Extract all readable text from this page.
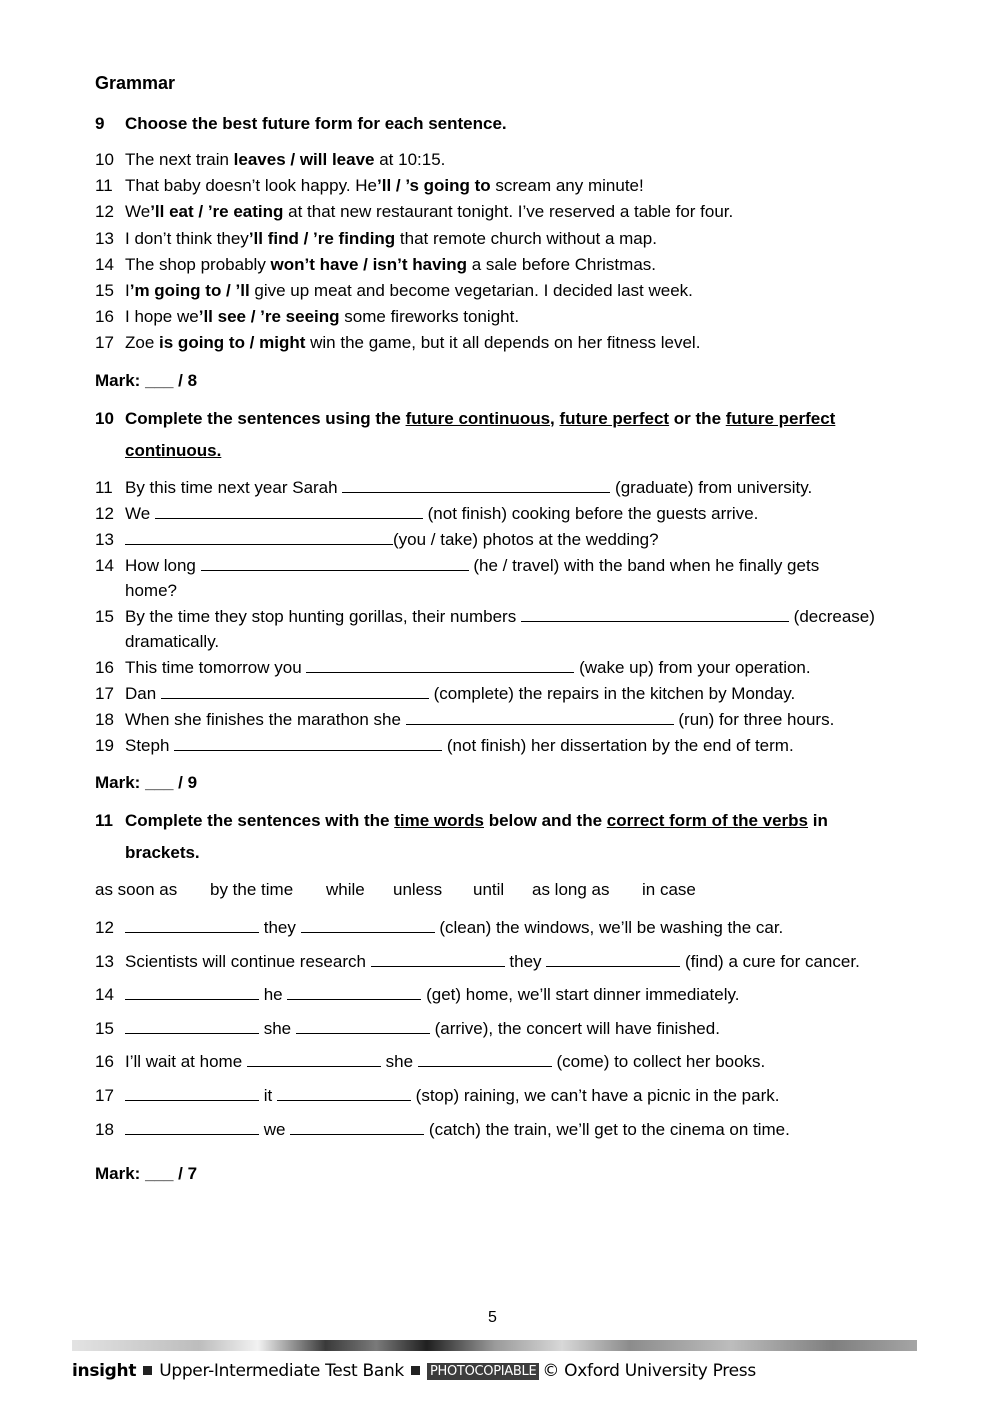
Grammar
9 Choose the best future form for each sentence.
10 The next train leaves / will leave at 10:15.
11 That baby doesn’t look happy. He’ll / ’s going to scream any minute!
12 We’ll eat / ’re eating at that new restaurant tonight. I’ve reserved a table for four.
13 I don’t think they’ll find / ’re finding that remote church without a map.
14 The shop probably won’t have / isn’t having a sale before Christmas.
15 I’m going to / ’ll give up meat and become vegetarian. I decided last week.
16 I hope we’ll see / ’re seeing some fireworks tonight.
17 Zoe is going to / might win the game, but it all depends on her fitness level.
Mark: ___ / 8
10 Complete the sentences using the future continuous, future perfect or the future perfect
continuous.
11 By this time next year Sarah	(graduate) from university.
12 We	(not finish) cooking before the guests arrive.
13	(you / take) photos at the wedding?
14 How long	(he / travel) with the band when he finally gets
home?
15 By the time they stop hunting gorillas, their numbers	(decrease)
dramatically.
16 This time tomorrow you	(wake up) from your operation.
17 Dan	(complete) the repairs in the kitchen by Monday.
18 When she finishes the marathon she	(run) for three hours.
19 Steph	(not finish) her dissertation by the end of term.
Mark: ___ / 9
11 Complete the sentences with the time words below and the correct form of the verbs in
brackets.
as soon as by the time while unless until as long as in case
12	they	(clean) the windows, we’ll be washing the car.
13 Scientists will continue research	they	(find) a cure for cancer.
14	he	(get) home, we’ll start dinner immediately.
15	she	(arrive), the concert will have finished.
16 I’ll wait at home	she	(come) to collect her books.
17	it	(stop) raining, we can’t have a picnic in the park.
18	we	(catch) the train, we’ll get to the cinema on time.
Mark: ___ / 7
5
insight Upper-Intermediate Test Bank PHOTOCOPIABLE © Oxford University Press
